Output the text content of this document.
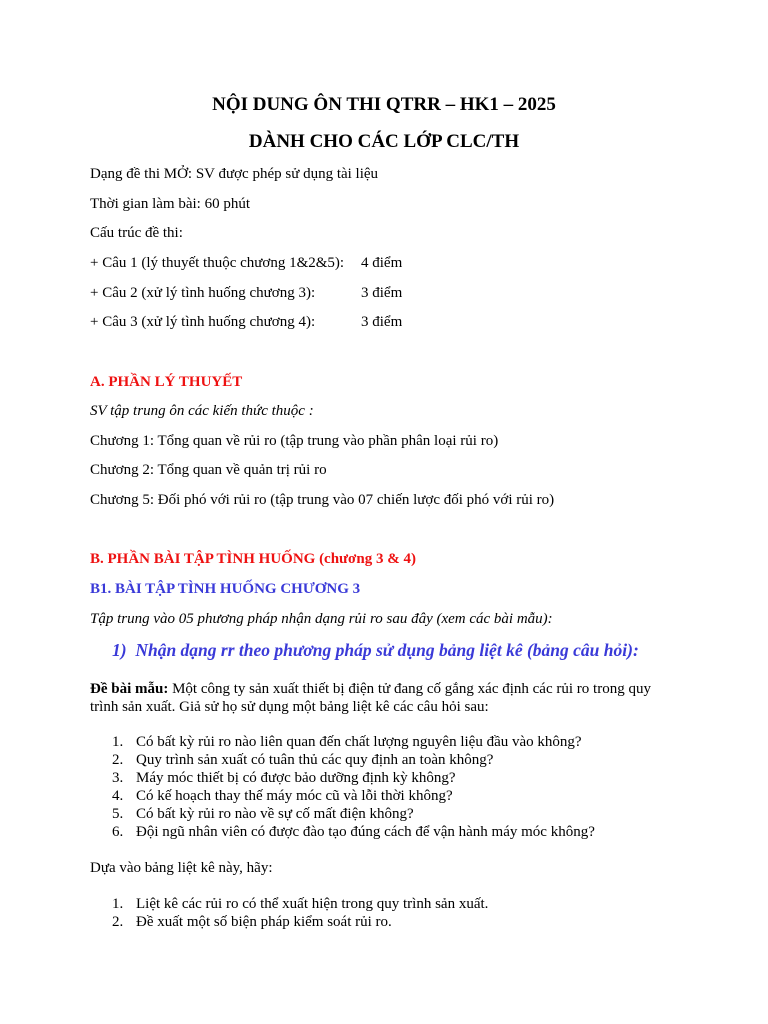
NỘI DUNG ÔN THI QTRR – HK1 – 2025
DÀNH CHO CÁC LỚP CLC/TH
Dạng đề thi MỞ: SV được phép sử dụng tài liệu
Thời gian làm bài: 60 phút
Cấu trúc đề thi:
+ Câu 1 (lý thuyết thuộc chương 1&2&5): 4 điểm
+ Câu 2 (xử lý tình huống chương 3):	3 điểm
+ Câu 3 (xử lý tình huống chương 4):	3 điểm
A. PHẦN LÝ THUYẾT
SV tập trung ôn các kiến thức thuộc :
Chương 1: Tổng quan về rủi ro (tập trung vào phần phân loại rủi ro)
Chương 2: Tổng quan về quản trị rủi ro
Chương 5: Đối phó với rủi ro (tập trung vào 07 chiến lược đối phó với rủi ro)
B. PHẦN BÀI TẬP TÌNH HUỐNG (chương 3 & 4)
B1. BÀI TẬP TÌNH HUỐNG CHƯƠNG 3
Tập trung vào 05 phương pháp nhận dạng rủi ro sau đây (xem các bài mẫu):
1) Nhận dạng rr theo phương pháp sử dụng bảng liệt kê (bảng câu hỏi):
Đề bài mẫu: Một công ty sản xuất thiết bị điện tử đang cố gắng xác định các rủi ro trong quy
trình sản xuất. Giả sử họ sử dụng một bảng liệt kê các câu hỏi sau:
1. Có bất kỳ rủi ro nào liên quan đến chất lượng nguyên liệu đầu vào không?
2. Quy trình sản xuất có tuân thủ các quy định an toàn không?
3. Máy móc thiết bị có được bảo dưỡng định kỳ không?
4. Có kế hoạch thay thế máy móc cũ và lỗi thời không?
5. Có bất kỳ rủi ro nào về sự cố mất điện không?
6. Đội ngũ nhân viên có được đào tạo đúng cách để vận hành máy móc không?
Dựa vào bảng liệt kê này, hãy:
1. Liệt kê các rủi ro có thể xuất hiện trong quy trình sản xuất.
2. Đề xuất một số biện pháp kiểm soát rủi ro.
